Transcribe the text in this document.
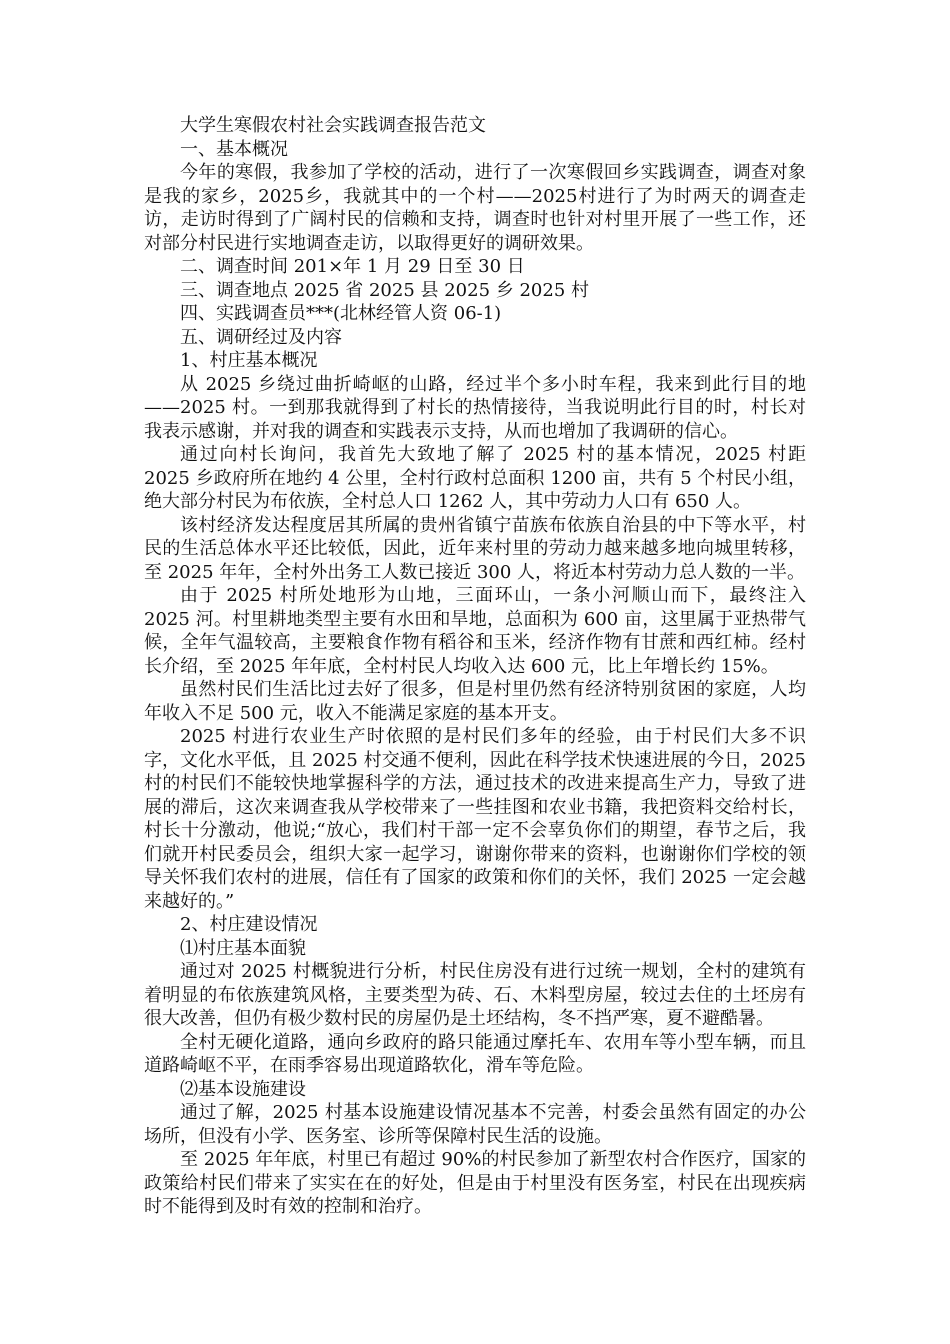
大学生寒假农村社会实践调查报告范文

一、基本概况

今年的寒假，我参加了学校的活动，进行了一次寒假回乡实践调查，调查对象是我的家乡，2025乡，我就其中的一个村——2025村进行了为时两天的调查走访，走访时得到了广阔村民的信赖和支持，调查时也针对村里开展了一些工作，还对部分村民进行实地调查走访，以取得更好的调研效果。

二、调查时间 201×年 1 月 29 日至 30 日

三、调查地点 2025 省 2025 县 2025 乡 2025 村

四、实践调查员***(北林经管人资 06-1)

五、调研经过及内容

1、村庄基本概况

从 2025 乡绕过曲折崎岖的山路，经过半个多小时车程，我来到此行目的地——2025 村。一到那我就得到了村长的热情接待，当我说明此行目的时，村长对我表示感谢，并对我的调查和实践表示支持，从而也增加了我调研的信心。

通过向村长询问，我首先大致地了解了 2025 村的基本情况，2025 村距 2025 乡政府所在地约 4 公里，全村行政村总面积 1200 亩，共有 5 个村民小组，绝大部分村民为布依族，全村总人口 1262 人，其中劳动力人口有 650 人。

该村经济发达程度居其所属的贵州省镇宁苗族布依族自治县的中下等水平，村民的生活总体水平还比较低，因此，近年来村里的劳动力越来越多地向城里转移，至 2025 年年，全村外出务工人数已接近 300 人，将近本村劳动力总人数的一半。

由于 2025 村所处地形为山地，三面环山，一条小河顺山而下，最终注入 2025 河。村里耕地类型主要有水田和旱地，总面积为 600 亩，这里属于亚热带气候，全年气温较高，主要粮食作物有稻谷和玉米，经济作物有甘蔗和西红柿。经村长介绍，至 2025 年年底，全村村民人均收入达 600 元，比上年增长约 15%。

虽然村民们生活比过去好了很多，但是村里仍然有经济特别贫困的家庭，人均年收入不足 500 元，收入不能满足家庭的基本开支。

2025 村进行农业生产时依照的是村民们多年的经验，由于村民们大多不识字，文化水平低，且 2025 村交通不便利，因此在科学技术快速进展的今日，2025 村的村民们不能较快地掌握科学的方法，通过技术的改进来提高生产力，导致了进展的滞后，这次来调查我从学校带来了一些挂图和农业书籍，我把资料交给村长，村长十分激动，他说;“放心，我们村干部一定不会辜负你们的期望，春节之后，我们就开村民委员会，组织大家一起学习，谢谢你带来的资料，也谢谢你们学校的领导关怀我们农村的进展，信任有了国家的政策和你们的关怀，我们 2025 一定会越来越好的。”

2、村庄建设情况

⑴村庄基本面貌

通过对 2025 村概貌进行分析，村民住房没有进行过统一规划，全村的建筑有着明显的布依族建筑风格，主要类型为砖、石、木料型房屋，较过去住的土坯房有很大改善，但仍有极少数村民的房屋仍是土坯结构，冬不挡严寒，夏不避酷暑。

全村无硬化道路，通向乡政府的路只能通过摩托车、农用车等小型车辆，而且道路崎岖不平，在雨季容易出现道路软化，滑车等危险。

⑵基本设施建设

通过了解，2025 村基本设施建设情况基本不完善，村委会虽然有固定的办公场所，但没有小学、医务室、诊所等保障村民生活的设施。

至 2025 年年底，村里已有超过 90%的村民参加了新型农村合作医疗，国家的政策给村民们带来了实实在在的好处，但是由于村里没有医务室，村民在出现疾病时不能得到及时有效的控制和治疗。
